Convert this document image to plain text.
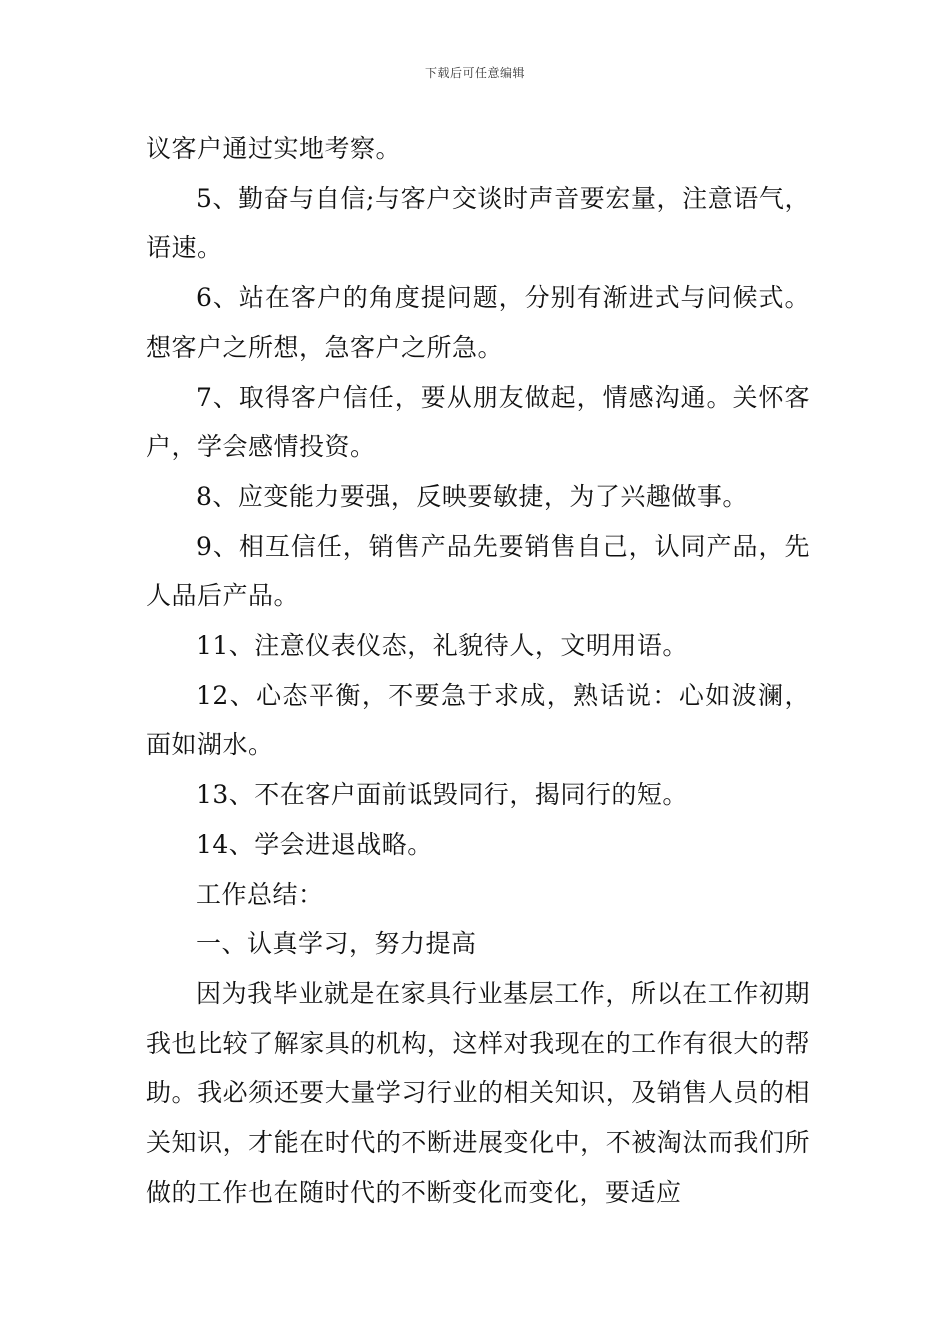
下载后可任意编辑

议客户通过实地考察。

5、勤奋与自信;与客户交谈时声音要宏量，注意语气，语速。

6、站在客户的角度提问题，分别有渐进式与问候式。想客户之所想，急客户之所急。

7、取得客户信任，要从朋友做起，情感沟通。关怀客户，学会感情投资。

8、应变能力要强，反映要敏捷，为了兴趣做事。

9、相互信任，销售产品先要销售自己，认同产品，先人品后产品。

11、注意仪表仪态，礼貌待人，文明用语。

12、心态平衡，不要急于求成，熟话说：心如波澜，面如湖水。

13、不在客户面前诋毁同行，揭同行的短。

14、学会进退战略。

工作总结：

一、认真学习，努力提高

因为我毕业就是在家具行业基层工作，所以在工作初期我也比较了解家具的机构，这样对我现在的工作有很大的帮助。我必须还要大量学习行业的相关知识，及销售人员的相关知识，才能在时代的不断进展变化中，不被淘汰而我们所做的工作也在随时代的不断变化而变化，要适应
